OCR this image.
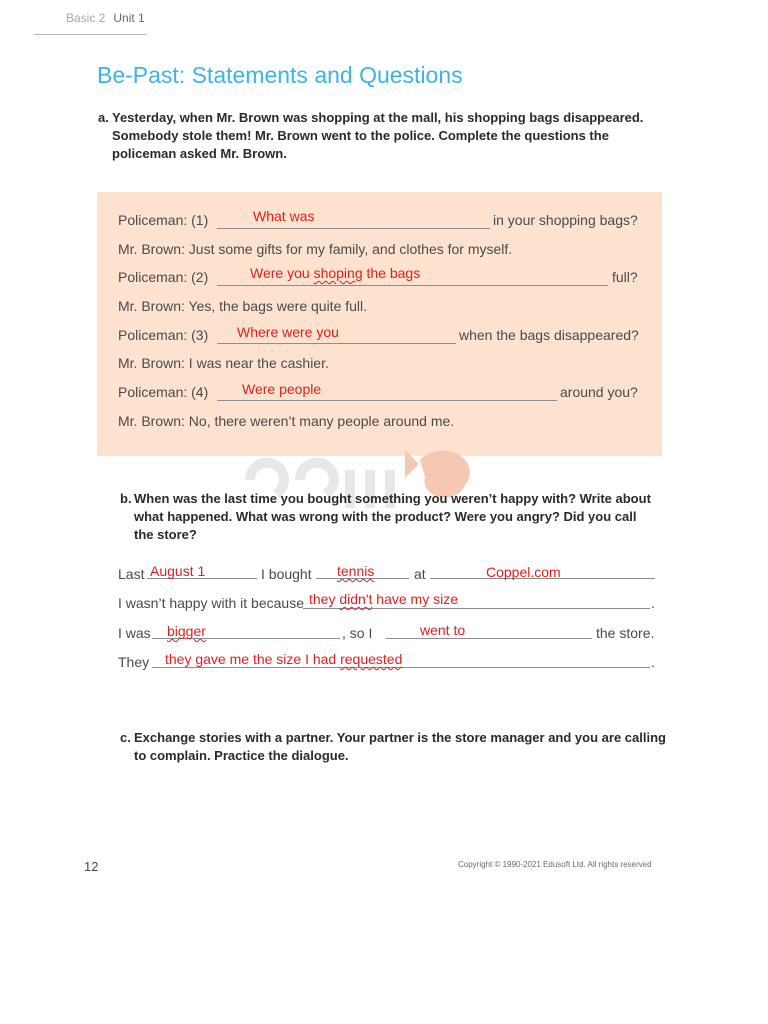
Basic 2 Unit 1
Be-Past: Statements and Questions
a. Yesterday, when Mr. Brown was shopping at the mall, his shopping bags disappeared.
Somebody stole them! Mr. Brown went to the police. Complete the questions the
policeman asked Mr. Brown.
Policeman: (1)	What was	in your shopping bags?
Mr. Brown: Just some gifts for my family, and clothes for myself.
Policeman: (2)	Were you shoping the bags	full?
Mr. Brown: Yes, the bags were quite full.
Policeman: (3) Where were you	when the bags disappeared?
Mr. Brown: I was near the cashier.
Policeman: (4) Were people	around you?
Mr. Brown: No, there weren’t many people around me.
b. When was the last time you bought something you weren’t happy with? Write about
what happened. What was wrong with the product? Were you angry? Did you call
the store?
Last August 1	I bought tennis	at	Coppel.com
I wasn’t happy with it because they didn't have my size	.
I was bigger	, so I	went to	the store.
They they gave me the size I had requested	.
c. Exchange stories with a partner. Your partner is the store manager and you are calling
to complain. Practice the dialogue.
12	Copyright © 1990-2021 Edusoft Ltd. All rights reserved
